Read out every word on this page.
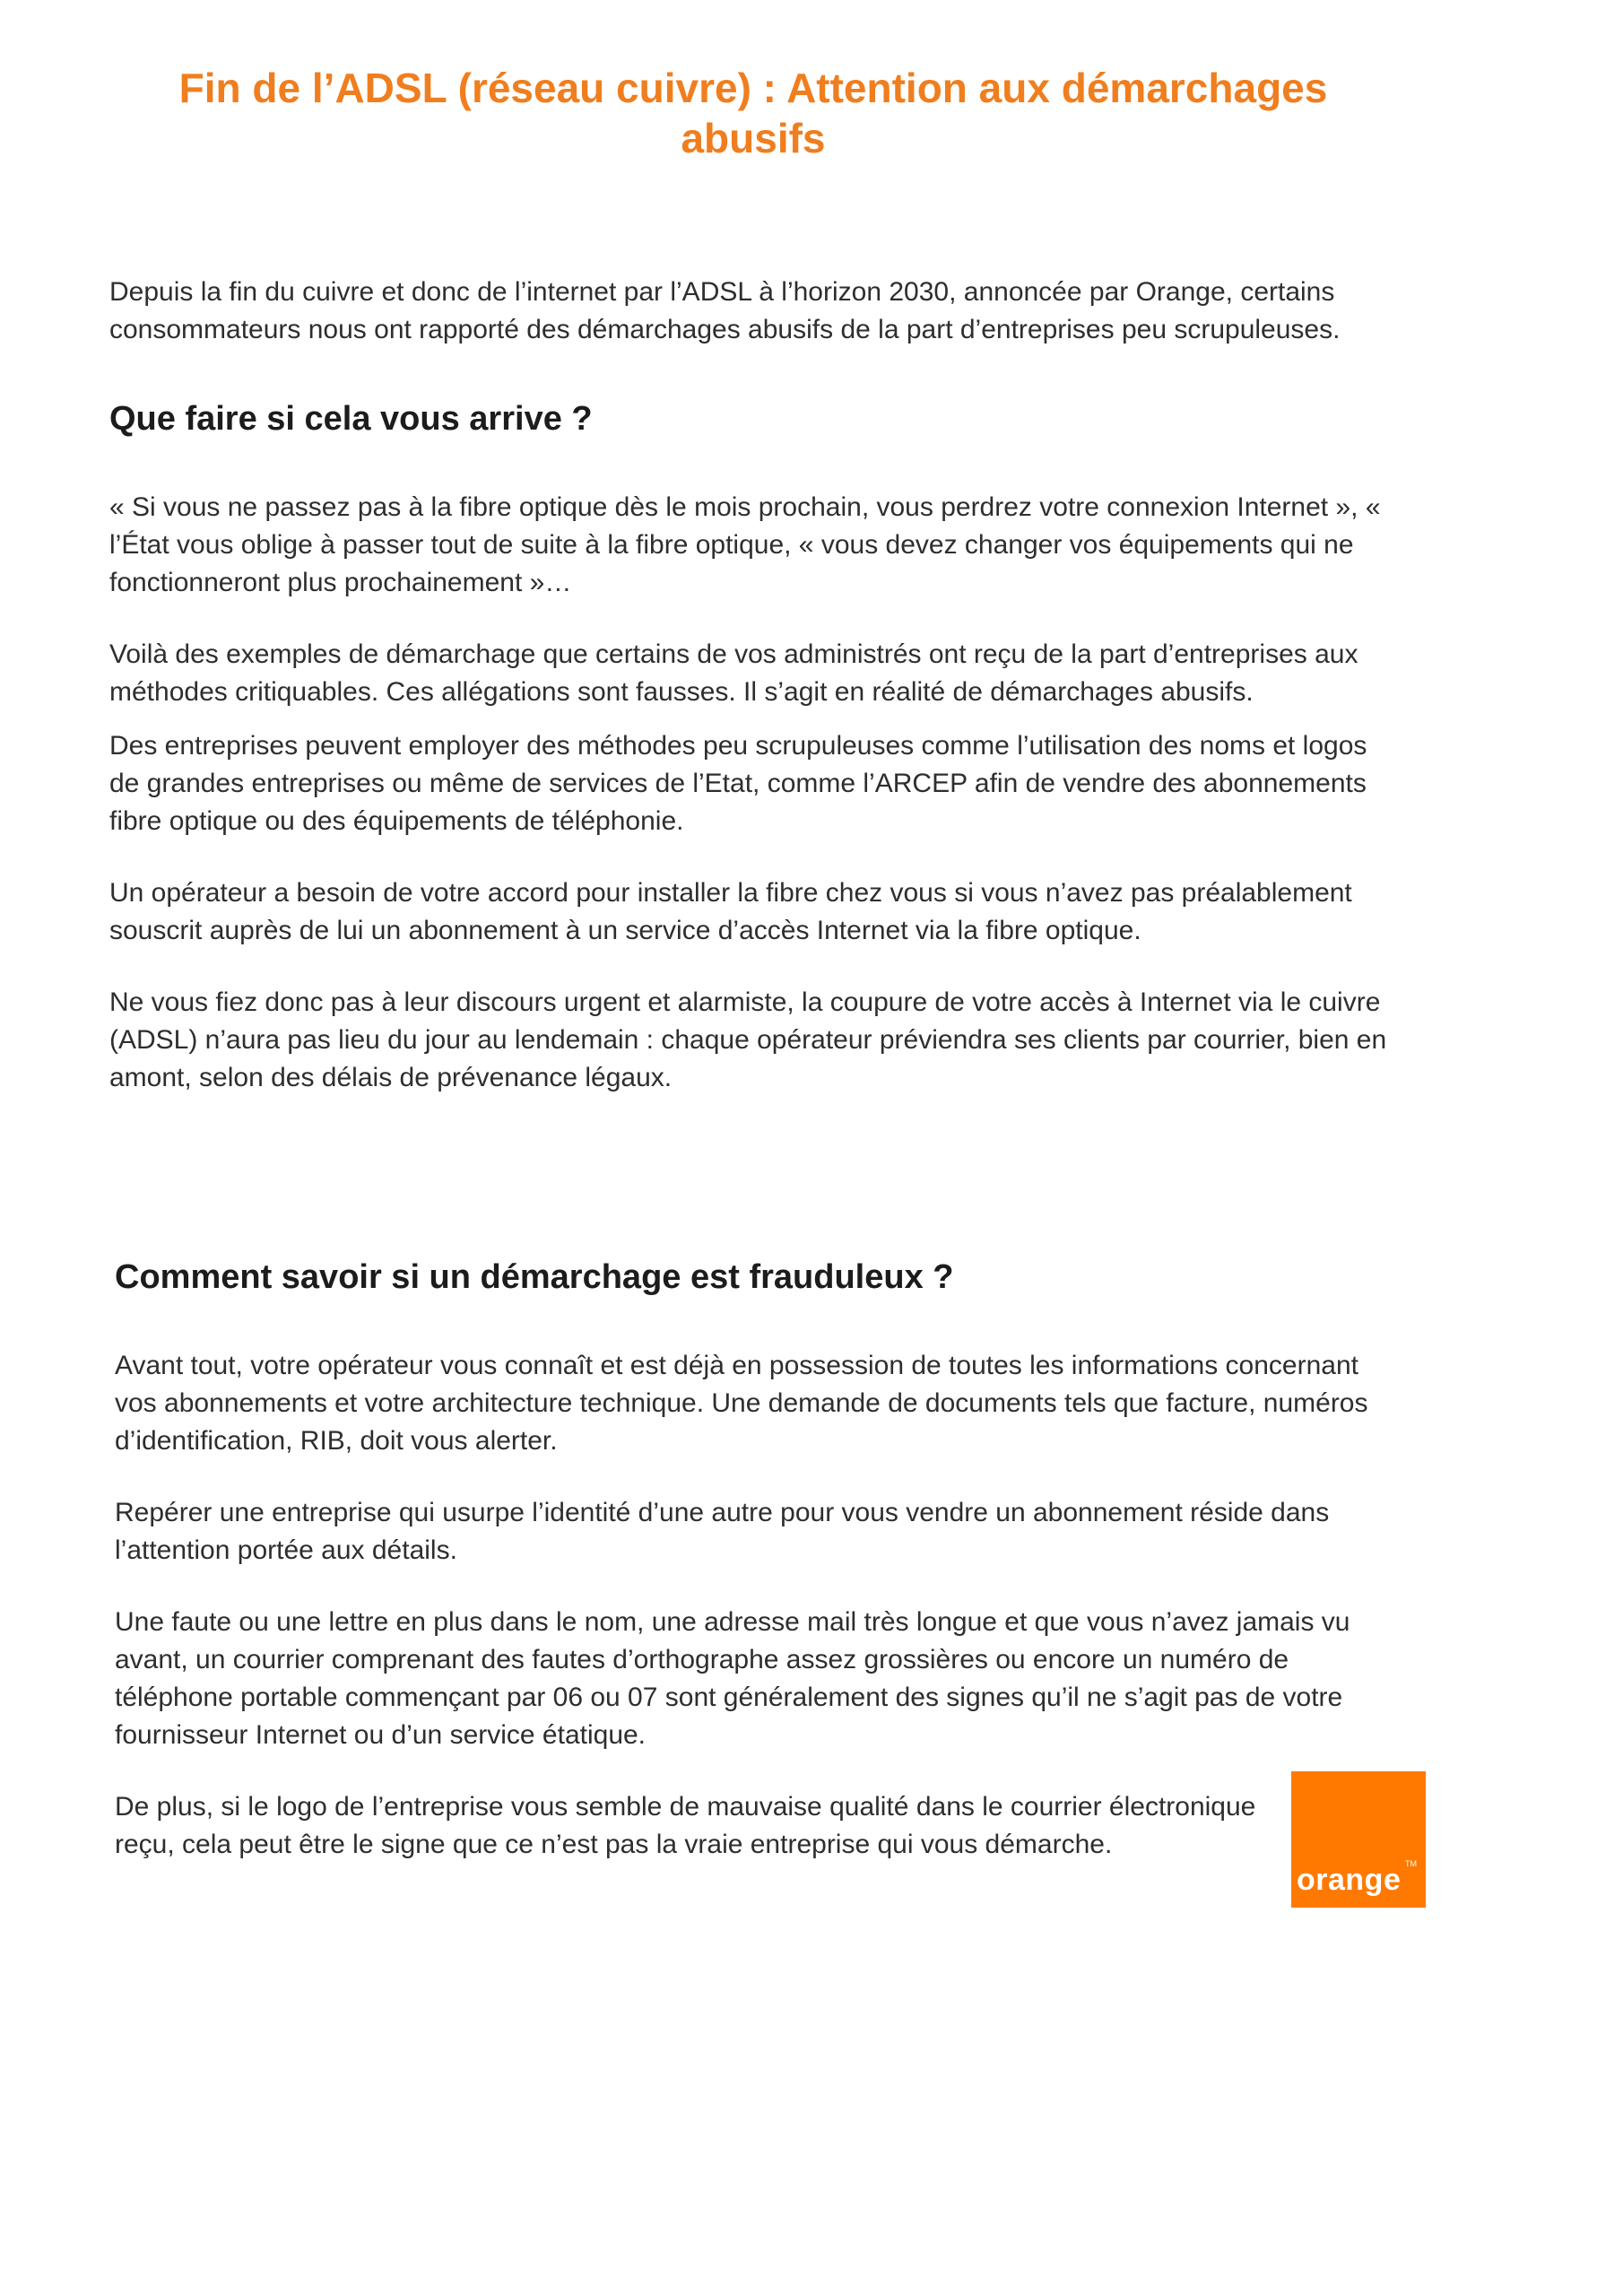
Fin de l’ADSL (réseau cuivre) : Attention aux démarchages abusifs

Depuis la fin du cuivre et donc de l’internet par l’ADSL à l’horizon 2030, annoncée par Orange, certains consommateurs nous ont rapporté des démarchages abusifs de la part d’entreprises peu scrupuleuses.

Que faire si cela vous arrive ?

« Si vous ne passez pas à la fibre optique dès le mois prochain, vous perdrez votre connexion Internet », « l’État vous oblige à passer tout de suite à la fibre optique, « vous devez changer vos équipements qui ne fonctionneront plus prochainement »…

Voilà des exemples de démarchage que certains de vos administrés ont reçu de la part d’entreprises aux méthodes critiquables. Ces allégations sont fausses. Il s’agit en réalité de démarchages abusifs.

Des entreprises peuvent employer des méthodes peu scrupuleuses comme l’utilisation des noms et logos de grandes entreprises ou même de services de l’Etat, comme l’ARCEP afin de vendre des abonnements fibre optique ou des équipements de téléphonie.

Un opérateur a besoin de votre accord pour installer la fibre chez vous si vous n’avez pas préalablement souscrit auprès de lui un abonnement à un service d’accès Internet via la fibre optique.

Ne vous fiez donc pas à leur discours urgent et alarmiste, la coupure de votre accès à Internet via le cuivre (ADSL) n’aura pas lieu du jour au lendemain : chaque opérateur préviendra ses clients par courrier, bien en amont, selon des délais de prévenance légaux.

Comment savoir si un démarchage est frauduleux ?

Avant tout, votre opérateur vous connaît et est déjà en possession de toutes les informations concernant vos abonnements et votre architecture technique. Une demande de documents tels que facture, numéros d’identification, RIB, doit vous alerter.

Repérer une entreprise qui usurpe l’identité d’une autre pour vous vendre un abonnement réside dans l’attention portée aux détails.

Une faute ou une lettre en plus dans le nom, une adresse mail très longue et que vous n’avez jamais vu avant, un courrier comprenant des fautes d’orthographe assez grossières ou encore un numéro de téléphone portable commençant par 06 ou 07 sont généralement des signes qu’il ne s’agit pas de votre fournisseur Internet ou d’un service étatique.

De plus, si le logo de l’entreprise vous semble de mauvaise qualité dans le courrier électronique reçu, cela peut être le signe que ce n’est pas la vraie entreprise qui vous démarche.

TM
orange
